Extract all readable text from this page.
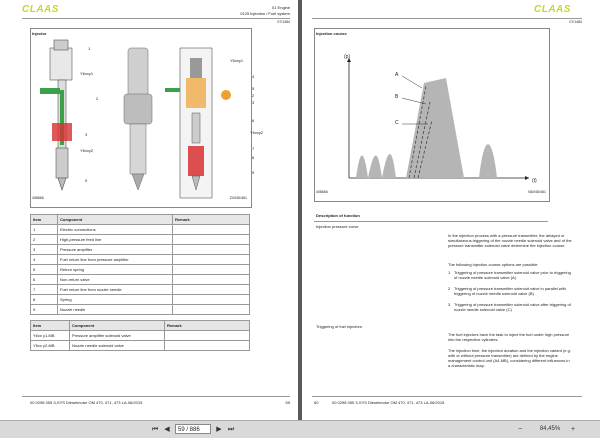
CLAAS	01 Engine
0125 Injection / Fuel system
07/1484
Injector
1
Y6xxy1
2
3
Y6xxy2
9
Y6xxy1
4
5
2
3
6
Y6xxy2
7
8
9
408666	ZX/ND/461
Item	Component	Remark
1	Electric connections	
2	High-pressure feed line	
3	Pressure amplifier	
4	Fuel return line from pressure amplifier	
5	Return spring	
6	Non-return valve	
7	Fuel return line from nozzle needle	
8	Spring	
9	Nozzle needle	
Item	Component	Remark
Y6xx y1-MB	Pressure amplifier solenoid valve	
Y6xx y2-MB	Nozzle needle solenoid valve	
00 0298 055 3-SYS Dieselmotor OM 470, 471, 473 LA-06/2015	59
CLAAS
07/1484
Injection course
(p)
(t)
A
B
C
408666	ND/ND/461
Description of function
Injection pressure curve
In the injection process with a pressure transmitter, the delayed or simultaneous triggering of the nozzle needle solenoid valve and of the pressure transmitter solenoid valve determine the injection course.
The following injection course options are possible:
1 Triggering of pressure transmitter solenoid valve prior to triggering of nozzle needle solenoid valve (A)
2 Triggering of pressure transmitter solenoid valve in parallel with triggering of nozzle needle solenoid valve (B)
3 Triggering of pressure transmitter solenoid valve after triggering of nozzle needle solenoid valve (C)
Triggering of fuel injectors
The fuel injectors have the task to inject the fuel under high pressure into the respective cylinders.
The injection time, the injection duration and the injection variant (e.g. with or without pressure transmitter) are defined by the engine management control unit (A4-MB), considering different influences in a characteristic map.
60	00 0298 055 3-SYS Dieselmotor OM 470, 471, 473 LA-06/2015
⏮ ◀	59 / 886	▶ ⏭	−	84,45%	+
